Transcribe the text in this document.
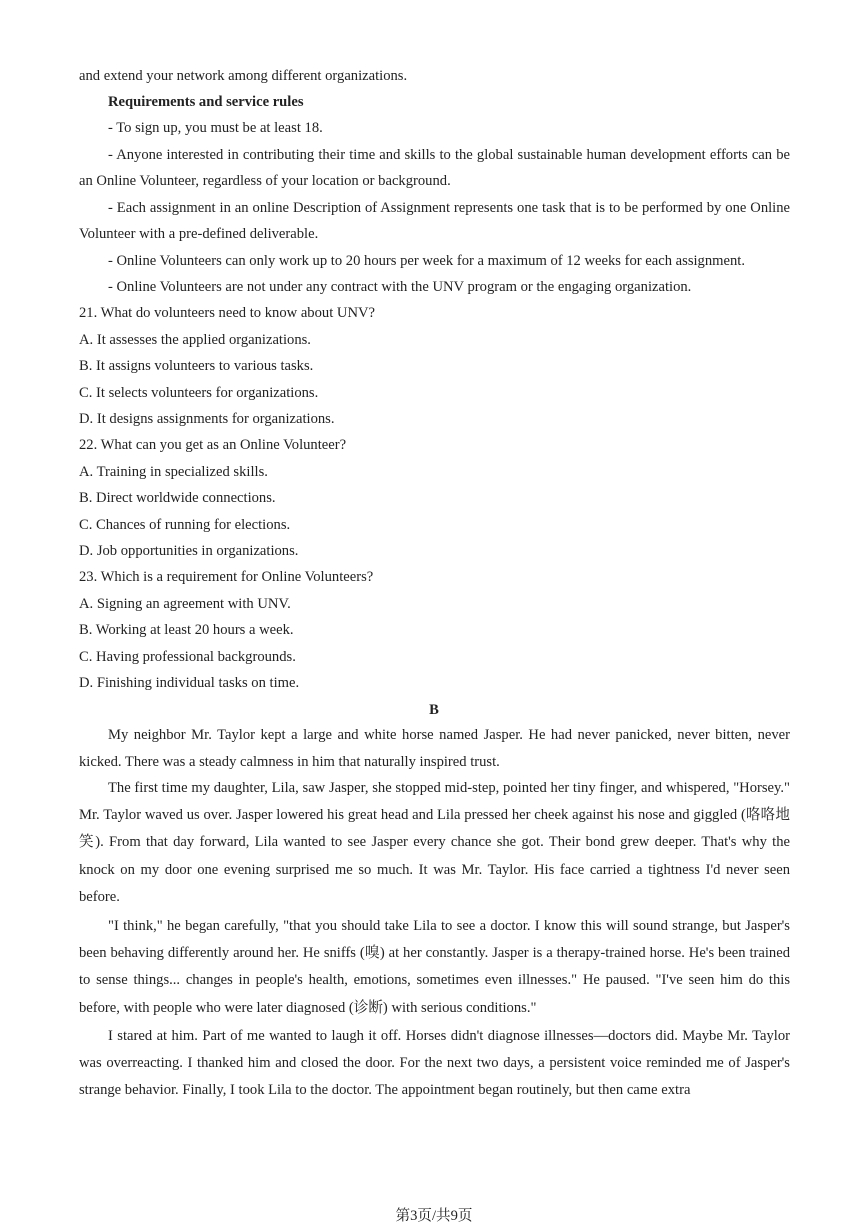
and extend your network among different organizations.

Requirements and service rules

- To sign up, you must be at least 18.

- Anyone interested in contributing their time and skills to the global sustainable human development efforts can be an Online Volunteer, regardless of your location or background.

- Each assignment in an online Description of Assignment represents one task that is to be performed by one Online Volunteer with a pre-defined deliverable.

- Online Volunteers can only work up to 20 hours per week for a maximum of 12 weeks for each assignment.

- Online Volunteers are not under any contract with the UNV program or the engaging organization.

21. What do volunteers need to know about UNV?

A. It assesses the applied organizations.

B. It assigns volunteers to various tasks.

C. It selects volunteers for organizations.

D. It designs assignments for organizations.

22. What can you get as an Online Volunteer?

A. Training in specialized skills.

B. Direct worldwide connections.

C. Chances of running for elections.

D. Job opportunities in organizations.

23. Which is a requirement for Online Volunteers?

A. Signing an agreement with UNV.

B. Working at least 20 hours a week.

C. Having professional backgrounds.

D. Finishing individual tasks on time.

B

My neighbor Mr. Taylor kept a large and white horse named Jasper. He had never panicked, never bitten, never kicked. There was a steady calmness in him that naturally inspired trust.

The first time my daughter, Lila, saw Jasper, she stopped mid-step, pointed her tiny finger, and whispered, "Horsey." Mr. Taylor waved us over. Jasper lowered his great head and Lila pressed her cheek against his nose and giggled (咯咯地笑). From that day forward, Lila wanted to see Jasper every chance she got. Their bond grew deeper. That's why the knock on my door one evening surprised me so much. It was Mr. Taylor. His face carried a tightness I'd never seen before.

"I think," he began carefully, "that you should take Lila to see a doctor. I know this will sound strange, but Jasper's been behaving differently around her. He sniffs (嗅) at her constantly. Jasper is a therapy-trained horse. He's been trained to sense things... changes in people's health, emotions, sometimes even illnesses." He paused. "I've seen him do this before, with people who were later diagnosed (诊断) with serious conditions."

I stared at him. Part of me wanted to laugh it off. Horses didn't diagnose illnesses—doctors did. Maybe Mr. Taylor was overreacting. I thanked him and closed the door. For the next two days, a persistent voice reminded me of Jasper's strange behavior. Finally, I took Lila to the doctor. The appointment began routinely, but then came extra

第3页/共9页
